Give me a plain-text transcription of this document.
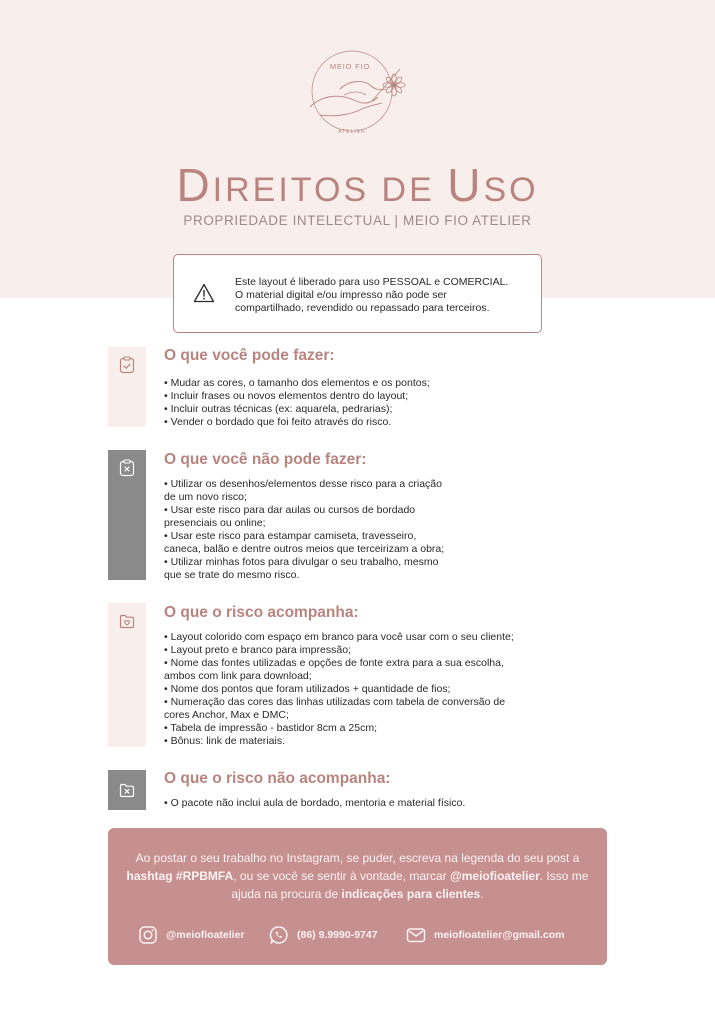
MEIO FIO
ATELIER
DIREITOS DE USO
PROPRIEDADE INTELECTUAL | MEIO FIO ATELIER
Este layout é liberado para uso PESSOAL e COMERCIAL.
O material digital e/ou impresso não pode ser
compartilhado, revendido ou repassado para terceiros.
O que você pode fazer:
• Mudar as cores, o tamanho dos elementos e os pontos;
• Incluir frases ou novos elementos dentro do layout;
• Incluir outras técnicas (ex: aquarela, pedrarias);
• Vender o bordado que foi feito através do risco.
O que você não pode fazer:
• Utilizar os desenhos/elementos desse risco para a criação
de um novo risco;
• Usar este risco para dar aulas ou cursos de bordado
presenciais ou online;
• Usar este risco para estampar camiseta, travesseiro,
caneca, balão e dentre outros meios que terceirizam a obra;
• Utilizar minhas fotos para divulgar o seu trabalho, mesmo
que se trate do mesmo risco.
O que o risco acompanha:
• Layout colorido com espaço em branco para você usar com o seu cliente;
• Layout preto e branco para impressão;
• Nome das fontes utilizadas e opções de fonte extra para a sua escolha,
ambos com link para download;
• Nome dos pontos que foram utilizados + quantidade de fios;
• Numeração das cores das linhas utilizadas com tabela de conversão de
cores Anchor, Max e DMC;
• Tabela de impressão - bastidor 8cm a 25cm;
• Bônus: link de materiais.
O que o risco não acompanha:
• O pacote não inclui aula de bordado, mentoria e material físico.
Ao postar o seu trabalho no Instagram, se puder, escreva na legenda do seu post a hashtag #RPBMFA, ou se você se sentir à vontade, marcar @meiofioatelier. Isso me ajuda na procura de indicações para clientes.
@meiofioatelier	(86) 9.9990-9747	meiofioatelier@gmail.com
